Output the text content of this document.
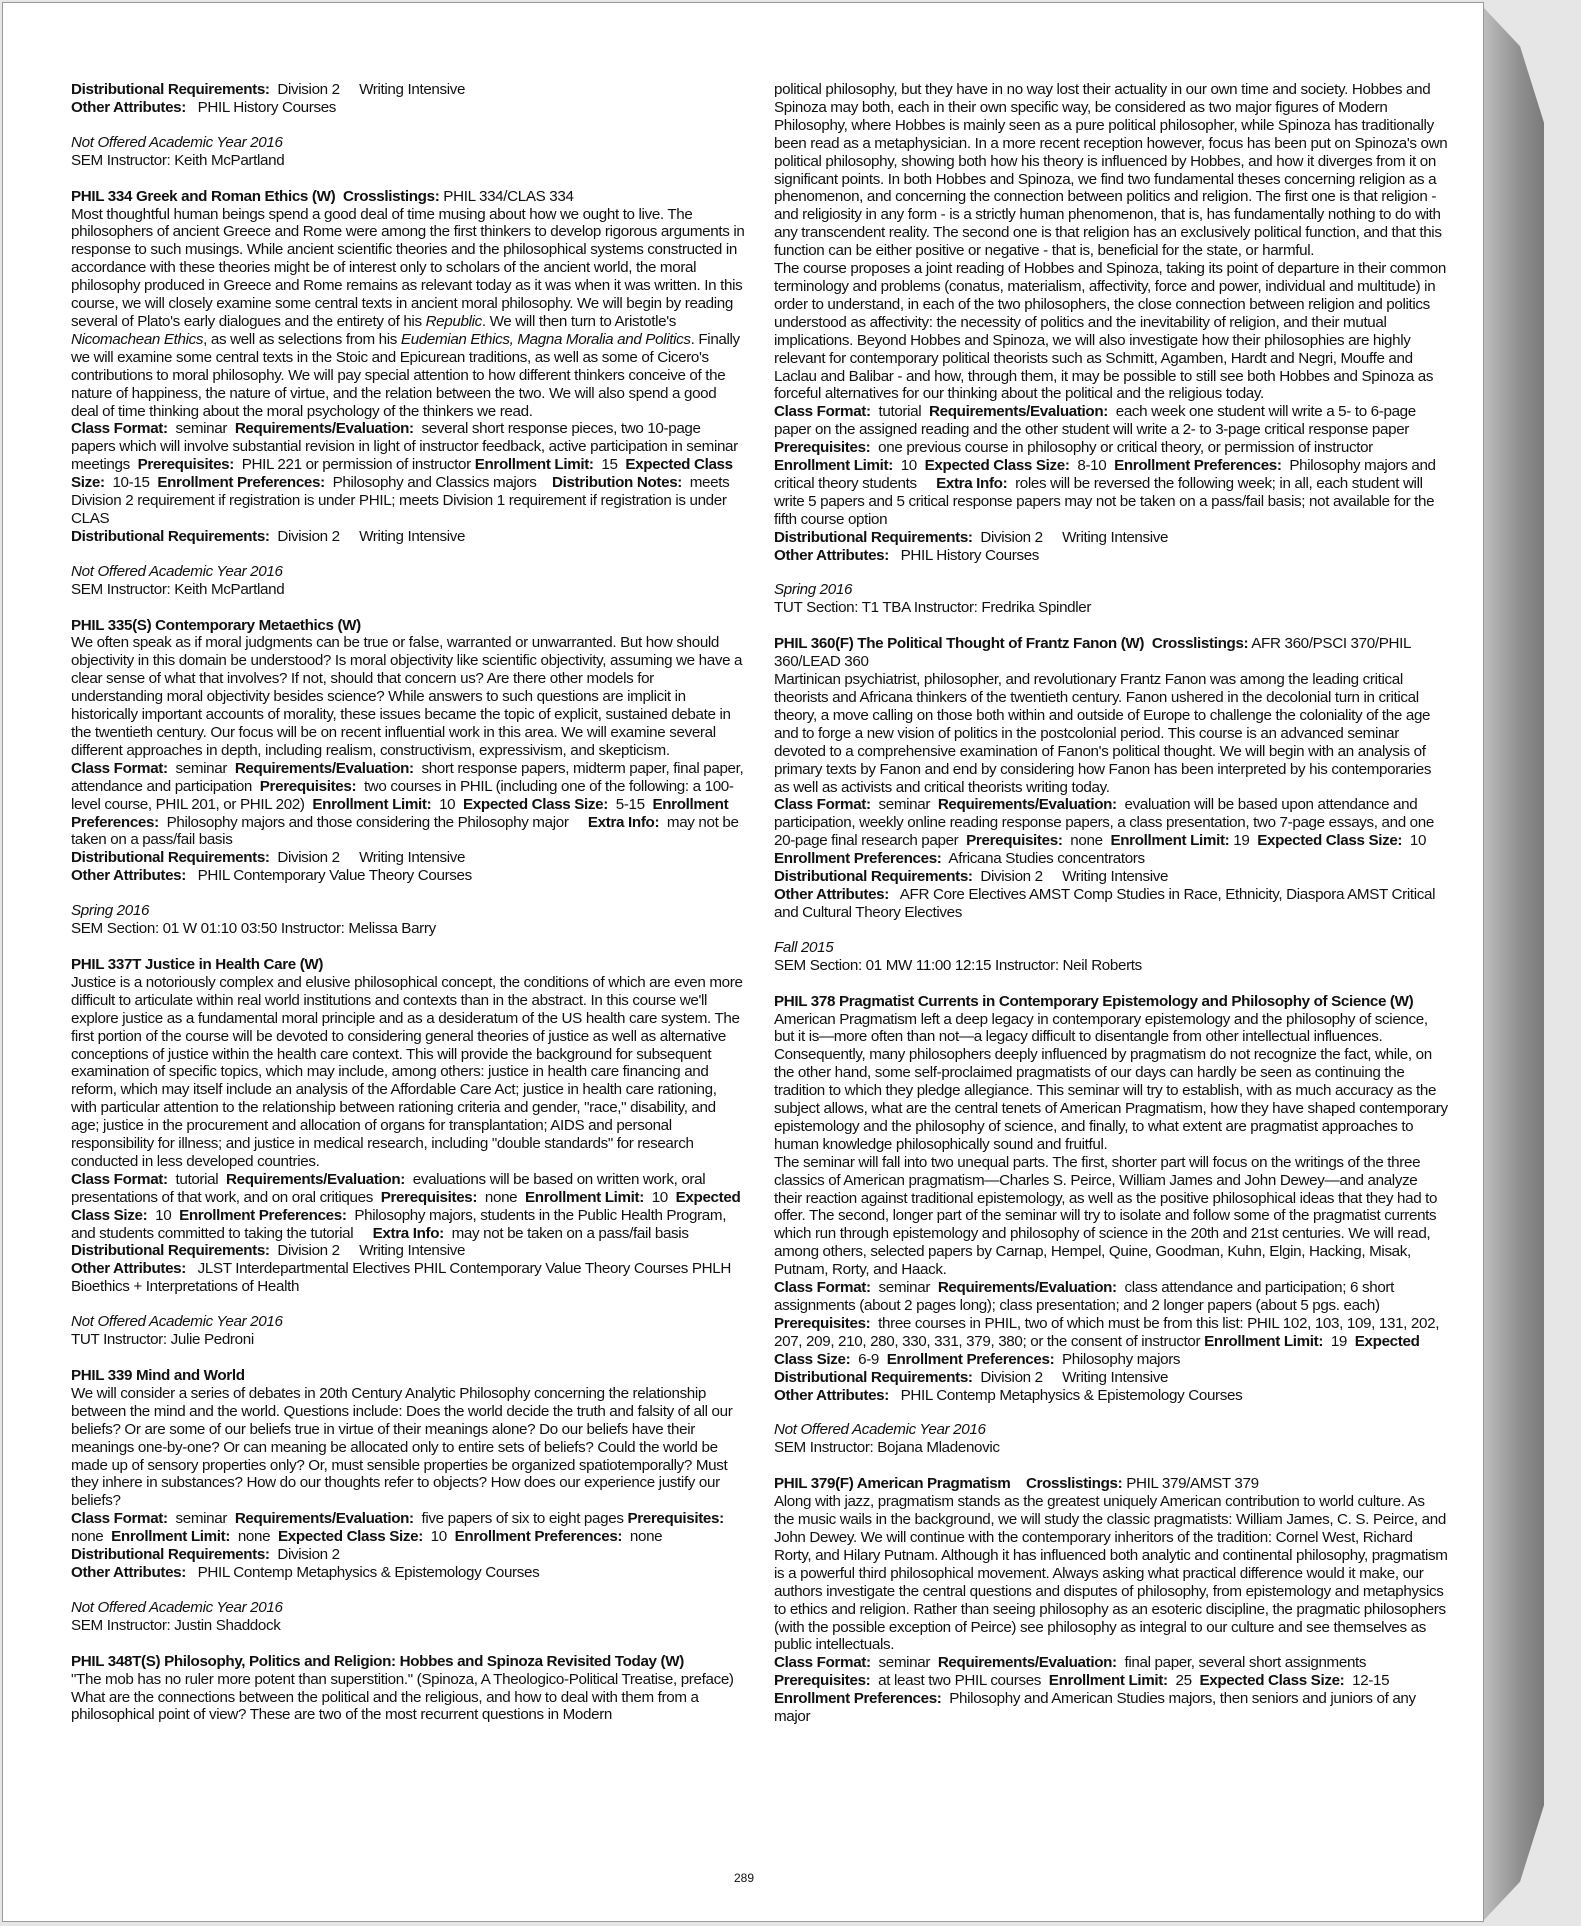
Distributional Requirements: Division 2 Writing Intensive

Other Attributes: PHIL History Courses

Not Offered Academic Year 2016

SEM Instructor: Keith McPartland

PHIL 334 Greek and Roman Ethics (W) Crosslistings: PHIL 334/CLAS 334

Most thoughtful human beings spend a good deal of time musing about how we ought to live. The philosophers of ancient Greece and Rome were among the first thinkers to develop rigorous arguments in response to such musings. While ancient scientific theories and the philosophical systems constructed in accordance with these theories might be of interest only to scholars of the ancient world, the moral philosophy produced in Greece and Rome remains as relevant today as it was when it was written. In this course, we will closely examine some central texts in ancient moral philosophy. We will begin by reading several of Plato's early dialogues and the entirety of his Republic. We will then turn to Aristotle's Nicomachean Ethics, as well as selections from his Eudemian Ethics, Magna Moralia and Politics. Finally we will examine some central texts in the Stoic and Epicurean traditions, as well as some of Cicero's contributions to moral philosophy. We will pay special attention to how different thinkers conceive of the nature of happiness, the nature of virtue, and the relation between the two. We will also spend a good deal of time thinking about the moral psychology of the thinkers we read.

Class Format: seminar Requirements/Evaluation: several short response pieces, two 10-page papers which will involve substantial revision in light of instructor feedback, active participation in seminar meetings Prerequisites: PHIL 221 or permission of instructor Enrollment Limit: 15 Expected Class Size: 10-15 Enrollment Preferences: Philosophy and Classics majors Distribution Notes: meets Division 2 requirement if registration is under PHIL; meets Division 1 requirement if registration is under CLAS

Distributional Requirements: Division 2 Writing Intensive

Not Offered Academic Year 2016

SEM Instructor: Keith McPartland

PHIL 335(S) Contemporary Metaethics (W)

We often speak as if moral judgments can be true or false, warranted or unwarranted. But how should objectivity in this domain be understood? Is moral objectivity like scientific objectivity, assuming we have a clear sense of what that involves? If not, should that concern us? Are there other models for understanding moral objectivity besides science? While answers to such questions are implicit in historically important accounts of morality, these issues became the topic of explicit, sustained debate in the twentieth century. Our focus will be on recent influential work in this area. We will examine several different approaches in depth, including realism, constructivism, expressivism, and skepticism.

Class Format: seminar Requirements/Evaluation: short response papers, midterm paper, final paper, attendance and participation Prerequisites: two courses in PHIL (including one of the following: a 100-level course, PHIL 201, or PHIL 202) Enrollment Limit: 10 Expected Class Size: 5-15 Enrollment Preferences: Philosophy majors and those considering the Philosophy major Extra Info: may not be taken on a pass/fail basis

Distributional Requirements: Division 2 Writing Intensive

Other Attributes: PHIL Contemporary Value Theory Courses

Spring 2016

SEM Section: 01 W 01:10 03:50 Instructor: Melissa Barry

PHIL 337T Justice in Health Care (W)

Justice is a notoriously complex and elusive philosophical concept, the conditions of which are even more difficult to articulate within real world institutions and contexts than in the abstract. In this course we'll explore justice as a fundamental moral principle and as a desideratum of the US health care system. The first portion of the course will be devoted to considering general theories of justice as well as alternative conceptions of justice within the health care context. This will provide the background for subsequent examination of specific topics, which may include, among others: justice in health care financing and reform, which may itself include an analysis of the Affordable Care Act; justice in health care rationing, with particular attention to the relationship between rationing criteria and gender, "race," disability, and age; justice in the procurement and allocation of organs for transplantation; AIDS and personal responsibility for illness; and justice in medical research, including "double standards" for research conducted in less developed countries.

Class Format: tutorial Requirements/Evaluation: evaluations will be based on written work, oral presentations of that work, and on oral critiques Prerequisites: none Enrollment Limit: 10 Expected Class Size: 10 Enrollment Preferences: Philosophy majors, students in the Public Health Program, and students committed to taking the tutorial Extra Info: may not be taken on a pass/fail basis

Distributional Requirements: Division 2 Writing Intensive

Other Attributes: JLST Interdepartmental Electives PHIL Contemporary Value Theory Courses PHLH Bioethics + Interpretations of Health

Not Offered Academic Year 2016

TUT Instructor: Julie Pedroni

PHIL 339 Mind and World

We will consider a series of debates in 20th Century Analytic Philosophy concerning the relationship between the mind and the world. Questions include: Does the world decide the truth and falsity of all our beliefs? Or are some of our beliefs true in virtue of their meanings alone? Do our beliefs have their meanings one-by-one? Or can meaning be allocated only to entire sets of beliefs? Could the world be made up of sensory properties only? Or, must sensible properties be organized spatiotemporally? Must they inhere in substances? How do our thoughts refer to objects? How does our experience justify our beliefs?

Class Format: seminar Requirements/Evaluation: five papers of six to eight pages Prerequisites:  none Enrollment Limit: none Expected Class Size: 10 Enrollment Preferences: none

Distributional Requirements: Division 2

Other Attributes: PHIL Contemp Metaphysics & Epistemology Courses

Not Offered Academic Year 2016

SEM Instructor: Justin Shaddock

PHIL 348T(S) Philosophy, Politics and Religion: Hobbes and Spinoza Revisited Today (W)

"The mob has no ruler more potent than superstition." (Spinoza, A Theologico-Political Treatise, preface)

What are the connections between the political and the religious, and how to deal with them from a philosophical point of view? These are two of the most recurrent questions in Modern

political philosophy, but they have in no way lost their actuality in our own time and society. Hobbes and Spinoza may both, each in their own specific way, be considered as two major figures of Modern Philosophy, where Hobbes is mainly seen as a pure political philosopher, while Spinoza has traditionally been read as a metaphysician. In a more recent reception however, focus has been put on Spinoza's own political philosophy, showing both how his theory is influenced by Hobbes, and how it diverges from it on significant points. In both Hobbes and Spinoza, we find two fundamental theses concerning religion as a phenomenon, and concerning the connection between politics and religion. The first one is that religion - and religiosity in any form - is a strictly human phenomenon, that is, has fundamentally nothing to do with any transcendent reality. The second one is that religion has an exclusively political function, and that this function can be either positive or negative - that is, beneficial for the state, or harmful.

The course proposes a joint reading of Hobbes and Spinoza, taking its point of departure in their common terminology and problems (conatus, materialism, affectivity, force and power, individual and multitude) in order to understand, in each of the two philosophers, the close connection between religion and politics understood as affectivity: the necessity of politics and the inevitability of religion, and their mutual implications. Beyond Hobbes and Spinoza, we will also investigate how their philosophies are highly relevant for contemporary political theorists such as Schmitt, Agamben, Hardt and Negri, Mouffe and Laclau and Balibar - and how, through them, it may be possible to still see both Hobbes and Spinoza as forceful alternatives for our thinking about the political and the religious today.

Class Format: tutorial Requirements/Evaluation: each week one student will write a 5- to 6-page paper on the assigned reading and the other student will write a 2- to 3-page critical response paper  Prerequisites: one previous course in philosophy or critical theory, or permission of instructor  Enrollment Limit: 10 Expected Class Size: 8-10 Enrollment Preferences: Philosophy majors and critical theory students Extra Info: roles will be reversed the following week; in all, each student will write 5 papers and 5 critical response papers may not be taken on a pass/fail basis; not available for the fifth course option

Distributional Requirements: Division 2 Writing Intensive

Other Attributes: PHIL History Courses

Spring 2016

TUT Section: T1 TBA Instructor: Fredrika Spindler

PHIL 360(F) The Political Thought of Frantz Fanon (W) Crosslistings: AFR 360/PSCI 370/PHIL 360/LEAD 360

Martinican psychiatrist, philosopher, and revolutionary Frantz Fanon was among the leading critical theorists and Africana thinkers of the twentieth century. Fanon ushered in the decolonial turn in critical theory, a move calling on those both within and outside of Europe to challenge the coloniality of the age and to forge a new vision of politics in the postcolonial period. This course is an advanced seminar devoted to a comprehensive examination of Fanon's political thought. We will begin with an analysis of primary texts by Fanon and end by considering how Fanon has been interpreted by his contemporaries as well as activists and critical theorists writing today.

Class Format: seminar Requirements/Evaluation: evaluation will be based upon attendance and participation, weekly online reading response papers, a class presentation, two 7-page essays, and one 20-page final research paper Prerequisites: none Enrollment Limit: 19 Expected Class Size: 10  Enrollment Preferences: Africana Studies concentrators

Distributional Requirements: Division 2 Writing Intensive

Other Attributes: AFR Core Electives AMST Comp Studies in Race, Ethnicity, Diaspora AMST Critical and Cultural Theory Electives

Fall 2015

SEM Section: 01 MW 11:00 12:15 Instructor: Neil Roberts

PHIL 378 Pragmatist Currents in Contemporary Epistemology and Philosophy of Science (W)

American Pragmatism left a deep legacy in contemporary epistemology and the philosophy of science, but it is—more often than not—a legacy difficult to disentangle from other intellectual influences. Consequently, many philosophers deeply influenced by pragmatism do not recognize the fact, while, on the other hand, some self-proclaimed pragmatists of our days can hardly be seen as continuing the tradition to which they pledge allegiance. This seminar will try to establish, with as much accuracy as the subject allows, what are the central tenets of American Pragmatism, how they have shaped contemporary epistemology and the philosophy of science, and finally, to what extent are pragmatist approaches to human knowledge philosophically sound and fruitful.

The seminar will fall into two unequal parts. The first, shorter part will focus on the writings of the three classics of American pragmatism—Charles S. Peirce, William James and John Dewey—and analyze their reaction against traditional epistemology, as well as the positive philosophical ideas that they had to offer. The second, longer part of the seminar will try to isolate and follow some of the pragmatist currents which run through epistemology and philosophy of science in the 20th and 21st centuries. We will read, among others, selected papers by Carnap, Hempel, Quine, Goodman, Kuhn, Elgin, Hacking, Misak, Putnam, Rorty, and Haack.

Class Format: seminar Requirements/Evaluation: class attendance and participation; 6 short assignments (about 2 pages long); class presentation; and 2 longer papers (about 5 pgs. each)  Prerequisites: three courses in PHIL, two of which must be from this list: PHIL 102, 103, 109, 131, 202, 207, 209, 210, 280, 330, 331, 379, 380; or the consent of instructor Enrollment Limit: 19 Expected Class Size: 6-9 Enrollment Preferences: Philosophy majors

Distributional Requirements: Division 2 Writing Intensive

Other Attributes: PHIL Contemp Metaphysics & Epistemology Courses

Not Offered Academic Year 2016

SEM Instructor: Bojana Mladenovic

PHIL 379(F) American Pragmatism Crosslistings: PHIL 379/AMST 379

Along with jazz, pragmatism stands as the greatest uniquely American contribution to world culture. As the music wails in the background, we will study the classic pragmatists: William James, C. S. Peirce, and John Dewey. We will continue with the contemporary inheritors of the tradition: Cornel West, Richard Rorty, and Hilary Putnam. Although it has influenced both analytic and continental philosophy, pragmatism is a powerful third philosophical movement. Always asking what practical difference would it make, our authors investigate the central questions and disputes of philosophy, from epistemology and metaphysics to ethics and religion. Rather than seeing philosophy as an esoteric discipline, the pragmatic philosophers (with the possible exception of Peirce) see philosophy as integral to our culture and see themselves as public intellectuals.

Class Format: seminar Requirements/Evaluation: final paper, several short assignments Prerequisites: at least two PHIL courses Enrollment Limit: 25 Expected Class Size: 12-15  Enrollment Preferences: Philosophy and American Studies majors, then seniors and juniors of any major

289
